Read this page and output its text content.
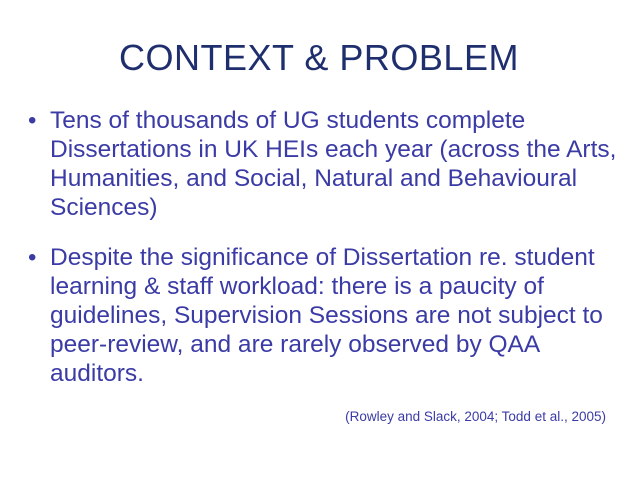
CONTEXT & PROBLEM
• Tens of thousands of UG students complete Dissertations in UK HEIs each year (across the Arts, Humanities, and Social, Natural and Behavioural Sciences)
• Despite the significance of Dissertation re. student learning & staff workload: there is a paucity of guidelines, Supervision Sessions are not subject to peer-review, and are rarely observed by QAA auditors.
(Rowley and Slack, 2004; Todd et al., 2005)
